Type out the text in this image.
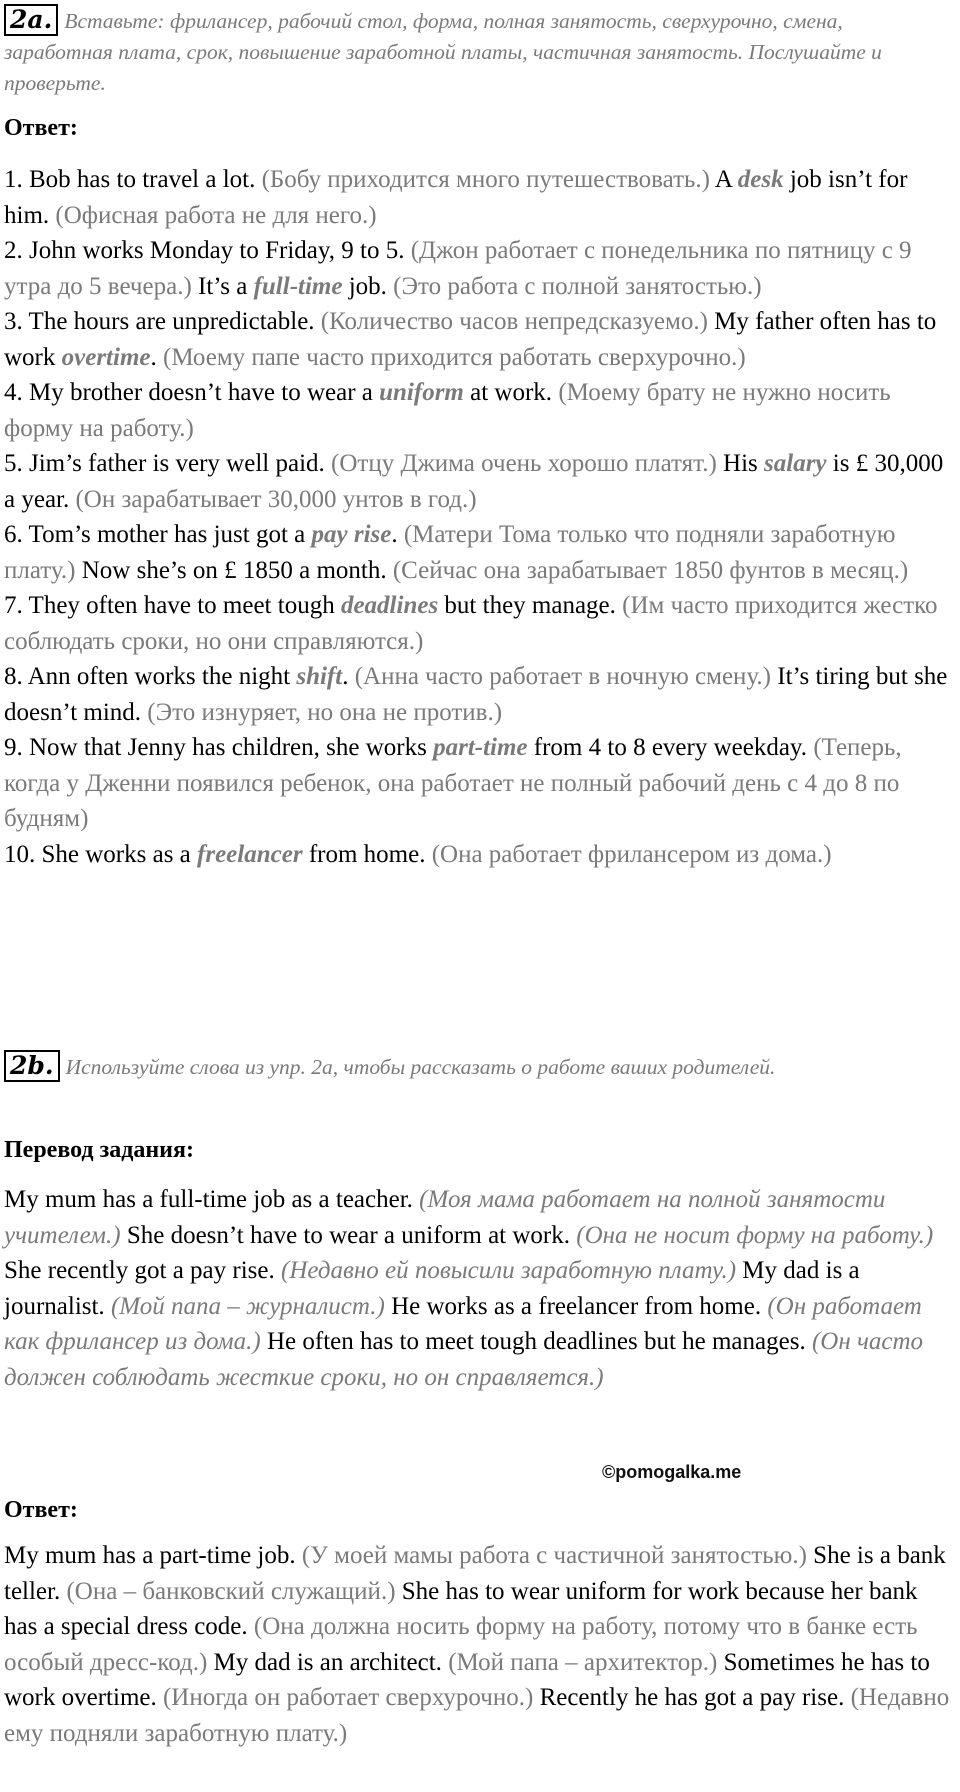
2a. Вставьте: фрилансер, рабочий стол, форма, полная занятость, сверхурочно, смена, заработная плата, срок, повышение заработной платы, частичная занятость. Послушайте и проверьте.
Ответ:
1. Bob has to travel a lot. (Бобу приходится много путешествовать.) A desk job isn’t for him. (Офисная работа не для него.)
2. John works Monday to Friday, 9 to 5. (Джон работает с понедельника по пятницу с 9 утра до 5 вечера.) It’s a full-time job. (Это работа с полной занятостью.)
3. The hours are unpredictable. (Количество часов непредсказуемо.) My father often has to work overtime. (Моему папе часто приходится работать сверхурочно.)
4. My brother doesn’t have to wear a uniform at work. (Моему брату не нужно носить форму на работу.)
5. Jim’s father is very well paid. (Отцу Джима очень хорошо платят.) His salary is £ 30,000 a year. (Он зарабатывает 30,000 унтов в год.)
6. Tom’s mother has just got a pay rise. (Матери Тома только что подняли заработную плату.) Now she’s on £ 1850 a month. (Сейчас она зарабатывает 1850 фунтов в месяц.)
7. They often have to meet tough deadlines but they manage. (Им часто приходится жестко соблюдать сроки, но они справляются.)
8. Ann often works the night shift. (Анна часто работает в ночную смену.) It’s tiring but she doesn’t mind. (Это изнуряет, но она не против.)
9. Now that Jenny has children, she works part-time from 4 to 8 every weekday. (Теперь, когда у Дженни появился ребенок, она работает не полный рабочий день с 4 до 8 по будням)
10. She works as a freelancer from home. (Она работает фрилансером из дома.)
2b. Используйте слова из упр. 2a, чтобы рассказать о работе ваших родителей.
Перевод задания:

My mum has a full-time job as a teacher. (Моя мама работает на полной занятости учителем.) She doesn’t have to wear a uniform at work. (Она не носит форму на работу.) She recently got a pay rise. (Недавно ей повысили заработную плату.) My dad is a journalist. (Мой папа – журналист.) He works as a freelancer from home. (Он работает как фрилансер из дома.) He often has to meet tough deadlines but he manages. (Он часто должен соблюдать жесткие сроки, но он справляется.)

©pomogalka.me
Ответ:

My mum has a part-time job. (У моей мамы работа с частичной занятостью.) She is a bank teller. (Она – банковский служащий.) She has to wear uniform for work because her bank has a special dress code. (Она должна носить форму на работу, потому что в банке есть особый дресс-код.) My dad is an architect. (Мой папа – архитектор.) Sometimes he has to work overtime. (Иногда он работает сверхурочно.) Recently he has got a pay rise. (Недавно ему подняли заработную плату.)
